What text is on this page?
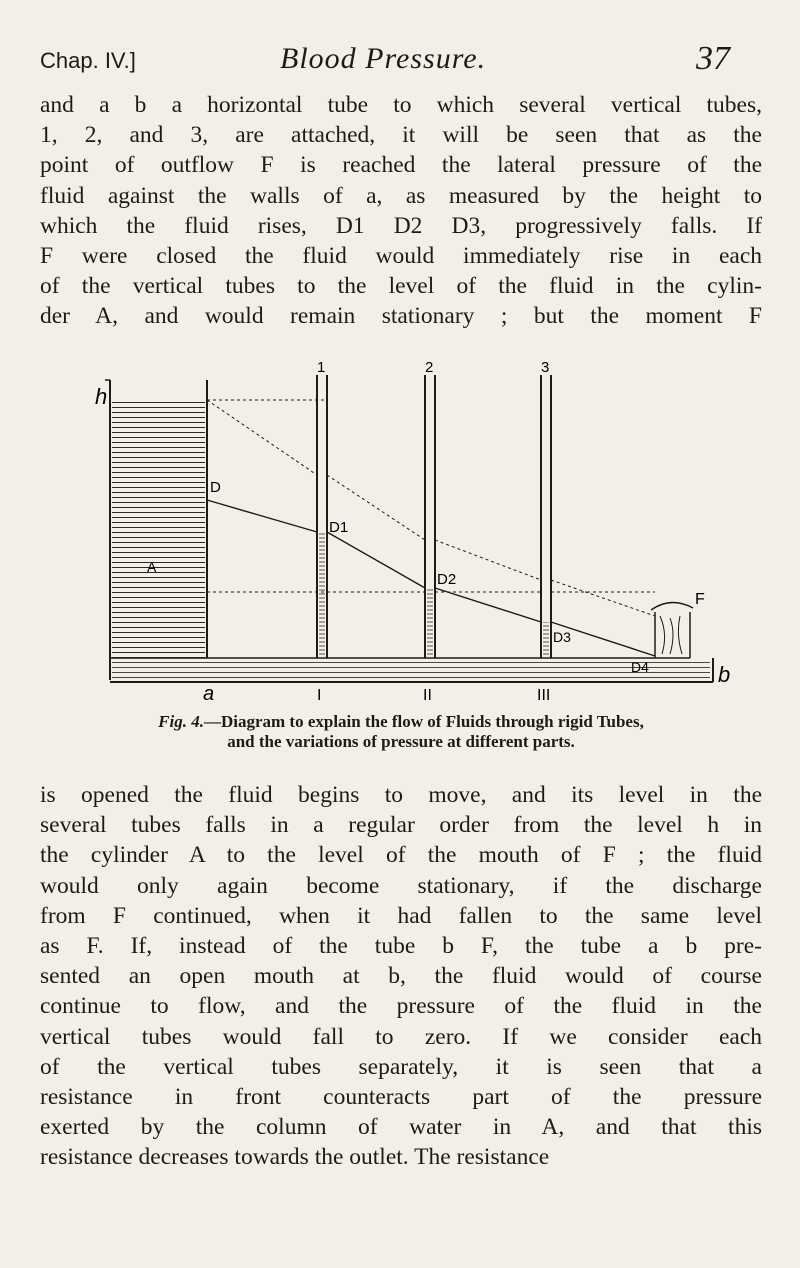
Chap. IV.]	Blood Pressure.	37
and a b a horizontal tube to which several vertical tubes,
1, 2, and 3, are attached, it will be seen that as the
point of outflow F is reached the lateral pressure of the
fluid against the walls of a, as measured by the height to
which the fluid rises, D1 D2 D3, progressively falls. If
F were closed the fluid would immediately rise in each
of the vertical tubes to the level of the fluid in the cylin-
der A, and would remain stationary ; but the moment F
h
A
D
D1
D2
D3
D4
F
b
a
1	2	3
I	II	III
Fig. 4.—Diagram to explain the flow of Fluids through rigid Tubes,
and the variations of pressure at different parts.
is opened the fluid begins to move, and its level in the
several tubes falls in a regular order from the level h in
the cylinder A to the level of the mouth of F ; the fluid
would only again become stationary, if the discharge
from F continued, when it had fallen to the same level
as F. If, instead of the tube b F, the tube a b pre-
sented an open mouth at b, the fluid would of course
continue to flow, and the pressure of the fluid in the
vertical tubes would fall to zero. If we consider each
of the vertical tubes separately, it is seen that a
resistance in front counteracts part of the pressure
exerted by the column of water in A, and that this
resistance decreases towards the outlet. The resistance
